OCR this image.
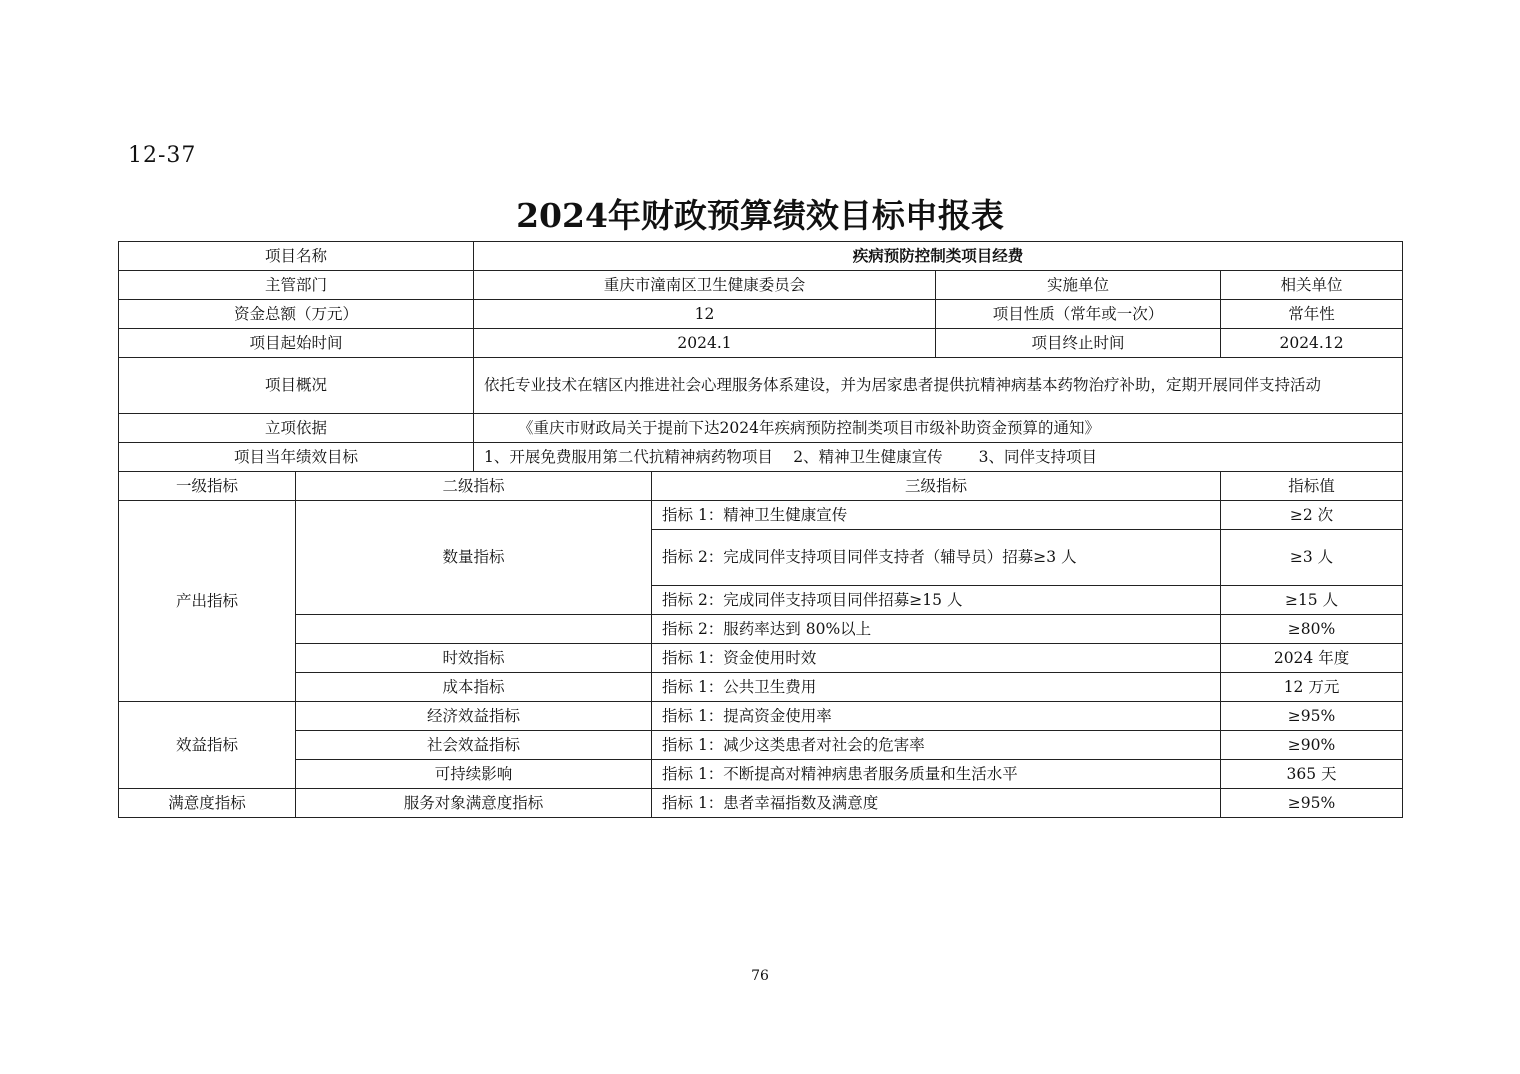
12-37
2024年财政预算绩效目标申报表
项目名称		疾病预防控制类项目经费			
主管部门		重庆市潼南区卫生健康委员会		实施单位	相关单位
资金总额（万元）		12		项目性质（常年或一次）	常年性
项目起始时间		2024.1		项目终止时间	2024.12
项目概况		依托专业技术在辖区内推进社会心理服务体系建设，并为居家患者提供抗精神病基本药物治疗补助，定期开展同伴支持活动			
立项依据		《重庆市财政局关于提前下达2024年疾病预防控制类项目市级补助资金预算的通知》			
项目当年绩效目标		1、开展免费服用第二代抗精神病药物项目　 2、精神卫生健康宣传　　 3、同伴支持项目			
一级指标	二级指标		三级指标		指标值
产出指标	数量指标		指标 1：精神卫生健康宣传		≥2 次
			指标 2：完成同伴支持项目同伴支持者（辅导员）招募≥3 人		≥3 人
			指标 2：完成同伴支持项目同伴招募≥15 人		≥15 人
			指标 2：服药率达到 80%以上		≥80%
	时效指标		指标 1：资金使用时效		2024 年度
	成本指标		指标 1：公共卫生费用		12 万元
效益指标	经济效益指标		指标 1：提高资金使用率		≥95%
	社会效益指标		指标 1：减少这类患者对社会的危害率		≥90%
	可持续影响		指标 1：不断提高对精神病患者服务质量和生活水平		365 天
满意度指标	服务对象满意度指标		指标 1：患者幸福指数及满意度		≥95%
76
